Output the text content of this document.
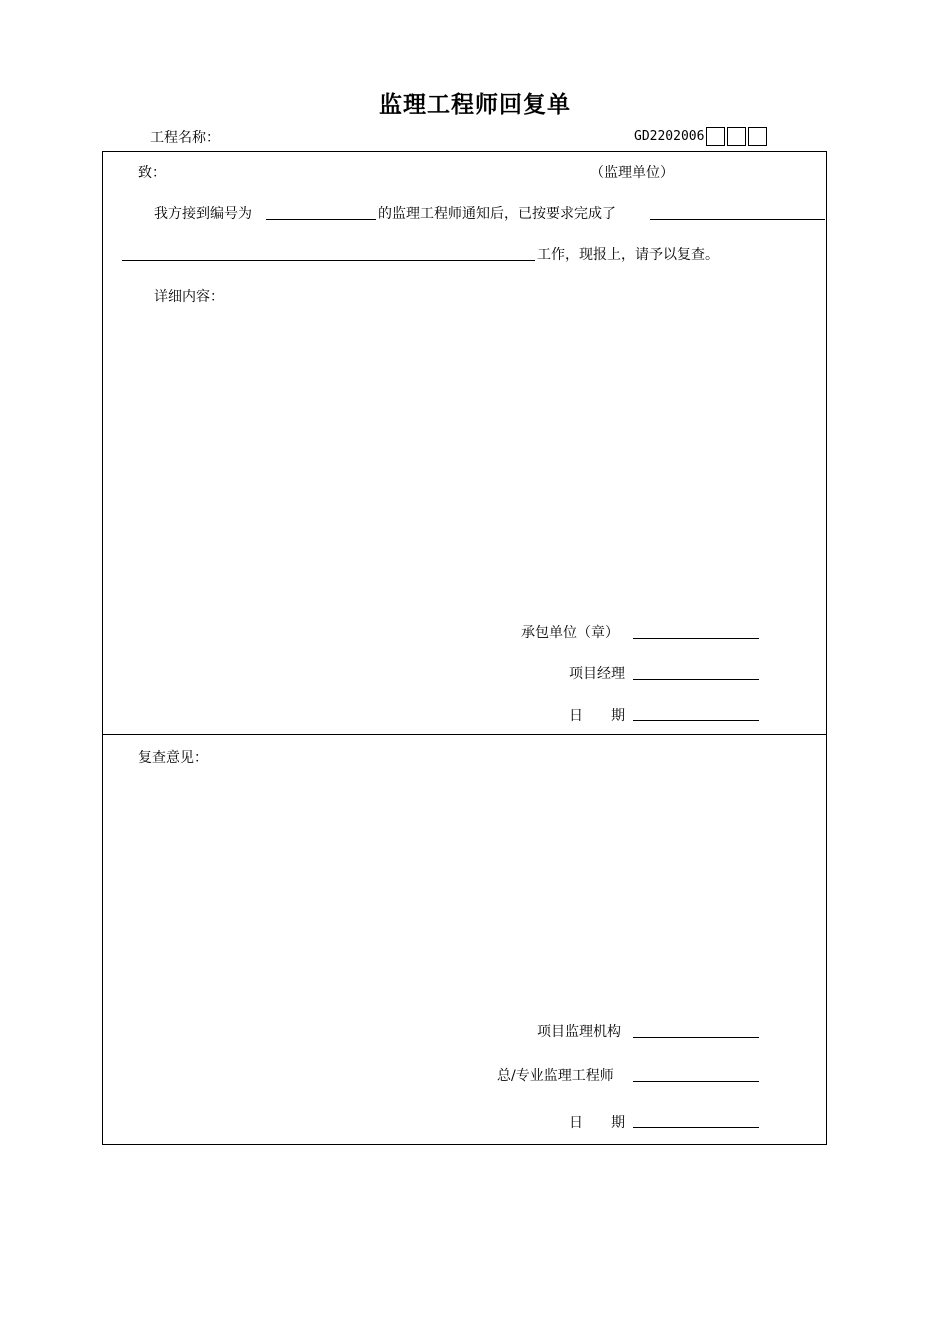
监理工程师回复单
工程名称：	GD2202006
致：	（监理单位）
我方接到编号为	的监理工程师通知后，已按要求完成了
工作，现报上，请予以复查。
详细内容：
承包单位（章）
项目经理
日　　期
复查意见：
项目监理机构
总/专业监理工程师
日　　期
